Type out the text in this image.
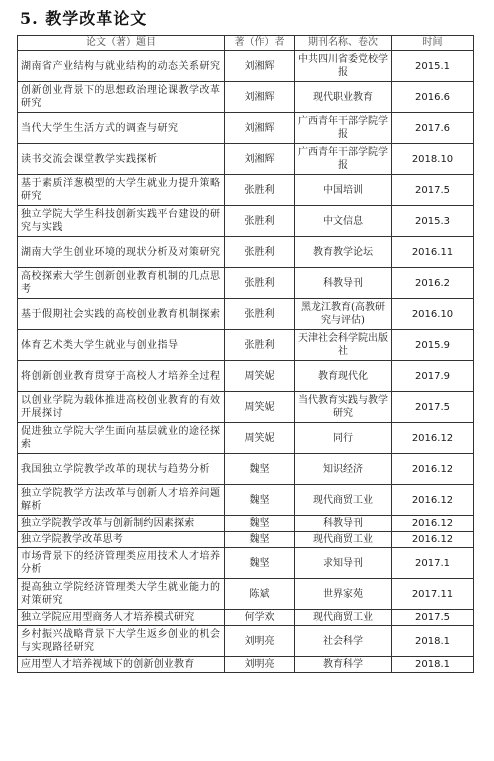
5. 教学改革论文
论文（著）题目	著（作）者	期刊名称、卷次	时间
湖南省产业结构与就业结构的动态关系研究	刘湘辉	中共四川省委党校学报	2015.1
创新创业背景下的思想政治理论课教学改革研究	刘湘辉	现代职业教育	2016.6
当代大学生生活方式的调查与研究	刘湘辉	广西青年干部学院学报	2017.6
读书交流会课堂教学实践探析	刘湘辉	广西青年干部学院学报	2018.10
基于素质洋葱模型的大学生就业力提升策略研究	张胜利	中国培训	2017.5
独立学院大学生科技创新实践平台建设的研究与实践	张胜利	中文信息	2015.3
湖南大学生创业环境的现状分析及对策研究	张胜利	教育教学论坛	2016.11
高校探索大学生创新创业教育机制的几点思考	张胜利	科教导刊	2016.2
基于假期社会实践的高校创业教育机制探索	张胜利	黑龙江教育(高教研究与评估)	2016.10
体育艺术类大学生就业与创业指导	张胜利	天津社会科学院出版社	2015.9
将创新创业教育贯穿于高校人才培养全过程	周笑妮	教育现代化	2017.9
以创业学院为载体推进高校创业教育的有效开展探讨	周笑妮	当代教育实践与教学研究	2017.5
促进独立学院大学生面向基层就业的途径探索	周笑妮	同行	2016.12
我国独立学院教学改革的现状与趋势分析	魏坚	知识经济	2016.12
独立学院教学方法改革与创新人才培养问题解析	魏坚	现代商贸工业	2016.12
独立学院教学改革与创新制约因素探索	魏坚	科教导刊	2016.12
独立学院教学改革思考	魏坚	现代商贸工业	2016.12
市场背景下的经济管理类应用技术人才培养分析	魏坚	求知导刊	2017.1
提高独立学院经济管理类大学生就业能力的对策研究	陈斌	世界家苑	2017.11
独立学院应用型商务人才培养模式研究	何学欢	现代商贸工业	2017.5
乡村振兴战略背景下大学生返乡创业的机会与实现路径研究	刘明亮	社会科学	2018.1
应用型人才培养视域下的创新创业教育	刘明亮	教育科学	2018.1
